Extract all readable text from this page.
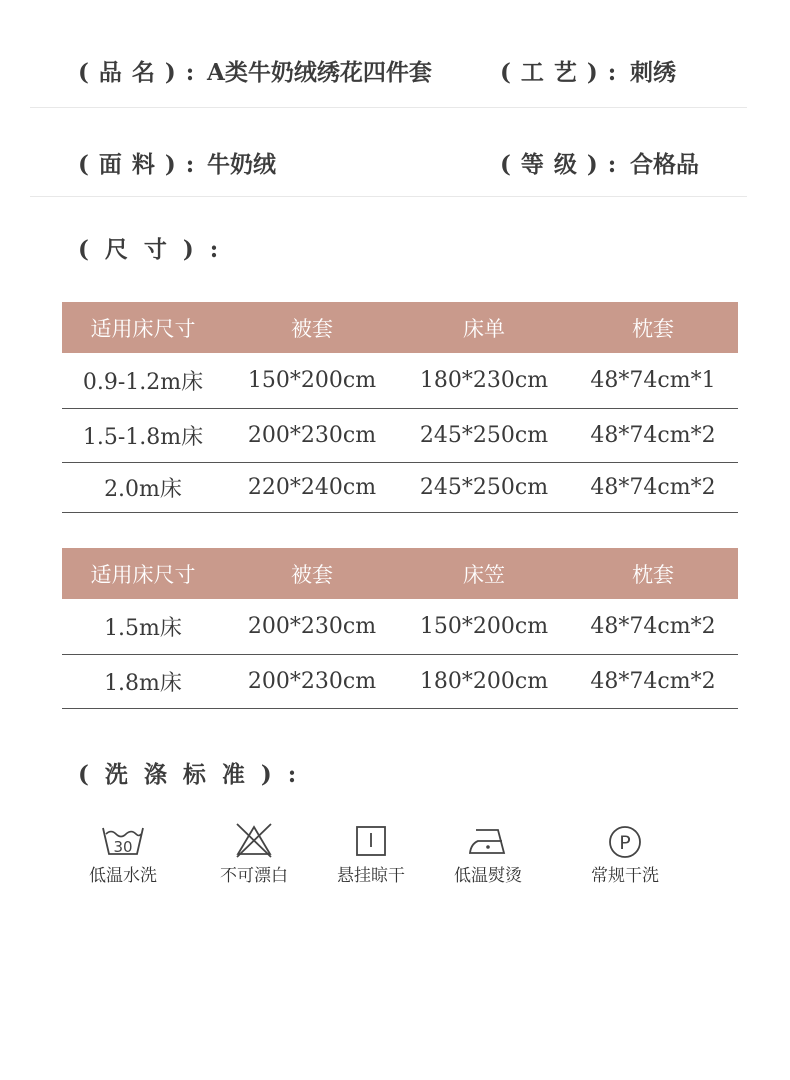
( 品 名 ) : A类牛奶绒绣花四件套	( 工 艺 ) : 刺绣
( 面 料 ) : 牛奶绒	( 等 级 ) : 合格品
( 尺 寸 ) :
适用床尺寸	被套	床单	枕套
0.9-1.2m床	150*200cm	180*230cm	48*74cm*1
1.5-1.8m床	200*230cm	245*250cm	48*74cm*2
2.0m床	220*240cm	245*250cm	48*74cm*2
适用床尺寸	被套	床笠	枕套
1.5m床	200*230cm	150*200cm	48*74cm*2
1.8m床	200*230cm	180*200cm	48*74cm*2
( 洗 涤 标 准 ) :
30
低温水洗	不可漂白	悬挂晾干	低温熨烫
P
常规干洗
